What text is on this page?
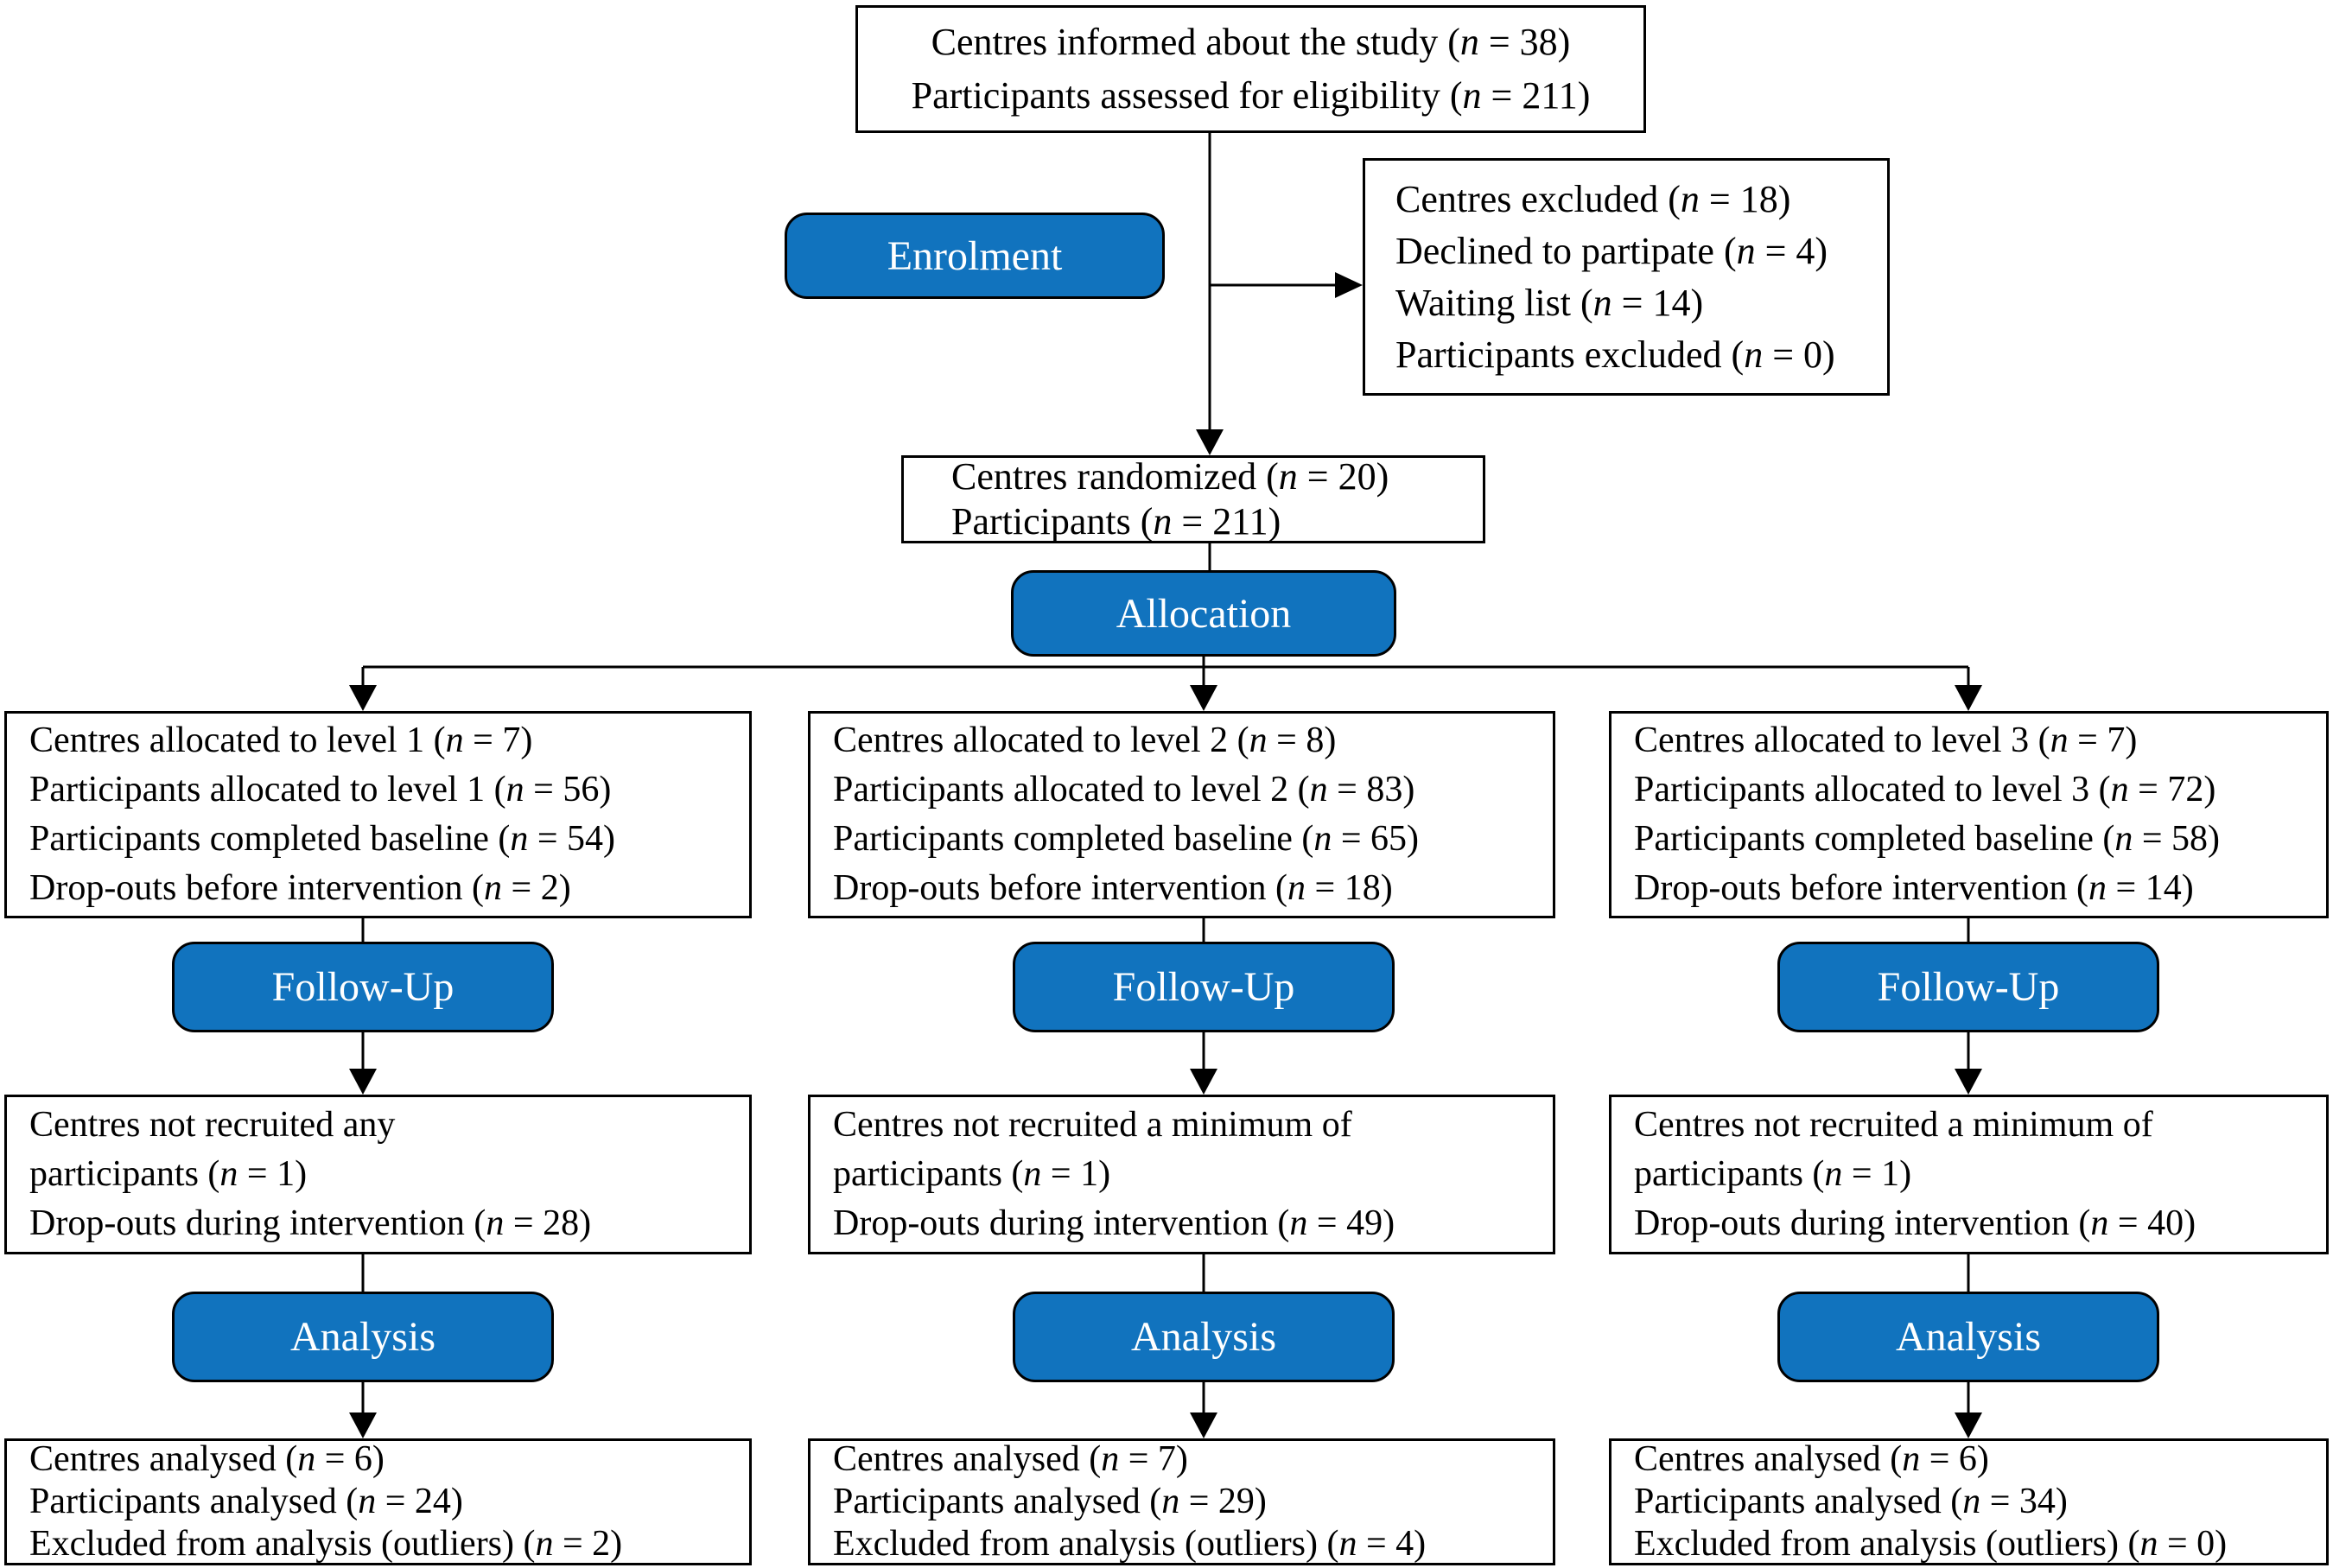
Centres informed about the study (n = 38)
Participants assessed for eligibility (n = 211)
Enrolment
Centres excluded (n = 18)
Declined to partipate (n = 4)
Waiting list (n = 14)
Participants excluded (n = 0)
Centres randomized (n = 20)
Participants (n = 211)
Allocation
Centres allocated to level 1 (n = 7)
Participants allocated to level 1 (n = 56)
Participants completed baseline (n = 54)
Drop-outs before intervention (n = 2)
Follow-Up
Centres not recruited any
participants (n = 1)
Drop-outs during intervention (n = 28)
Analysis
Centres analysed (n = 6)
Participants analysed (n = 24)
Excluded from analysis (outliers) (n = 2)
Centres allocated to level 2 (n = 8)
Participants allocated to level 2 (n = 83)
Participants completed baseline (n = 65)
Drop-outs before intervention (n = 18)
Follow-Up
Centres not recruited a minimum of
participants (n = 1)
Drop-outs during intervention (n = 49)
Analysis
Centres analysed (n = 7)
Participants analysed (n = 29)
Excluded from analysis (outliers) (n = 4)
Centres allocated to level 3 (n = 7)
Participants allocated to level 3 (n = 72)
Participants completed baseline (n = 58)
Drop-outs before intervention (n = 14)
Follow-Up
Centres not recruited a minimum of
participants (n = 1)
Drop-outs during intervention (n = 40)
Analysis
Centres analysed (n = 6)
Participants analysed (n = 34)
Excluded from analysis (outliers) (n = 0)
